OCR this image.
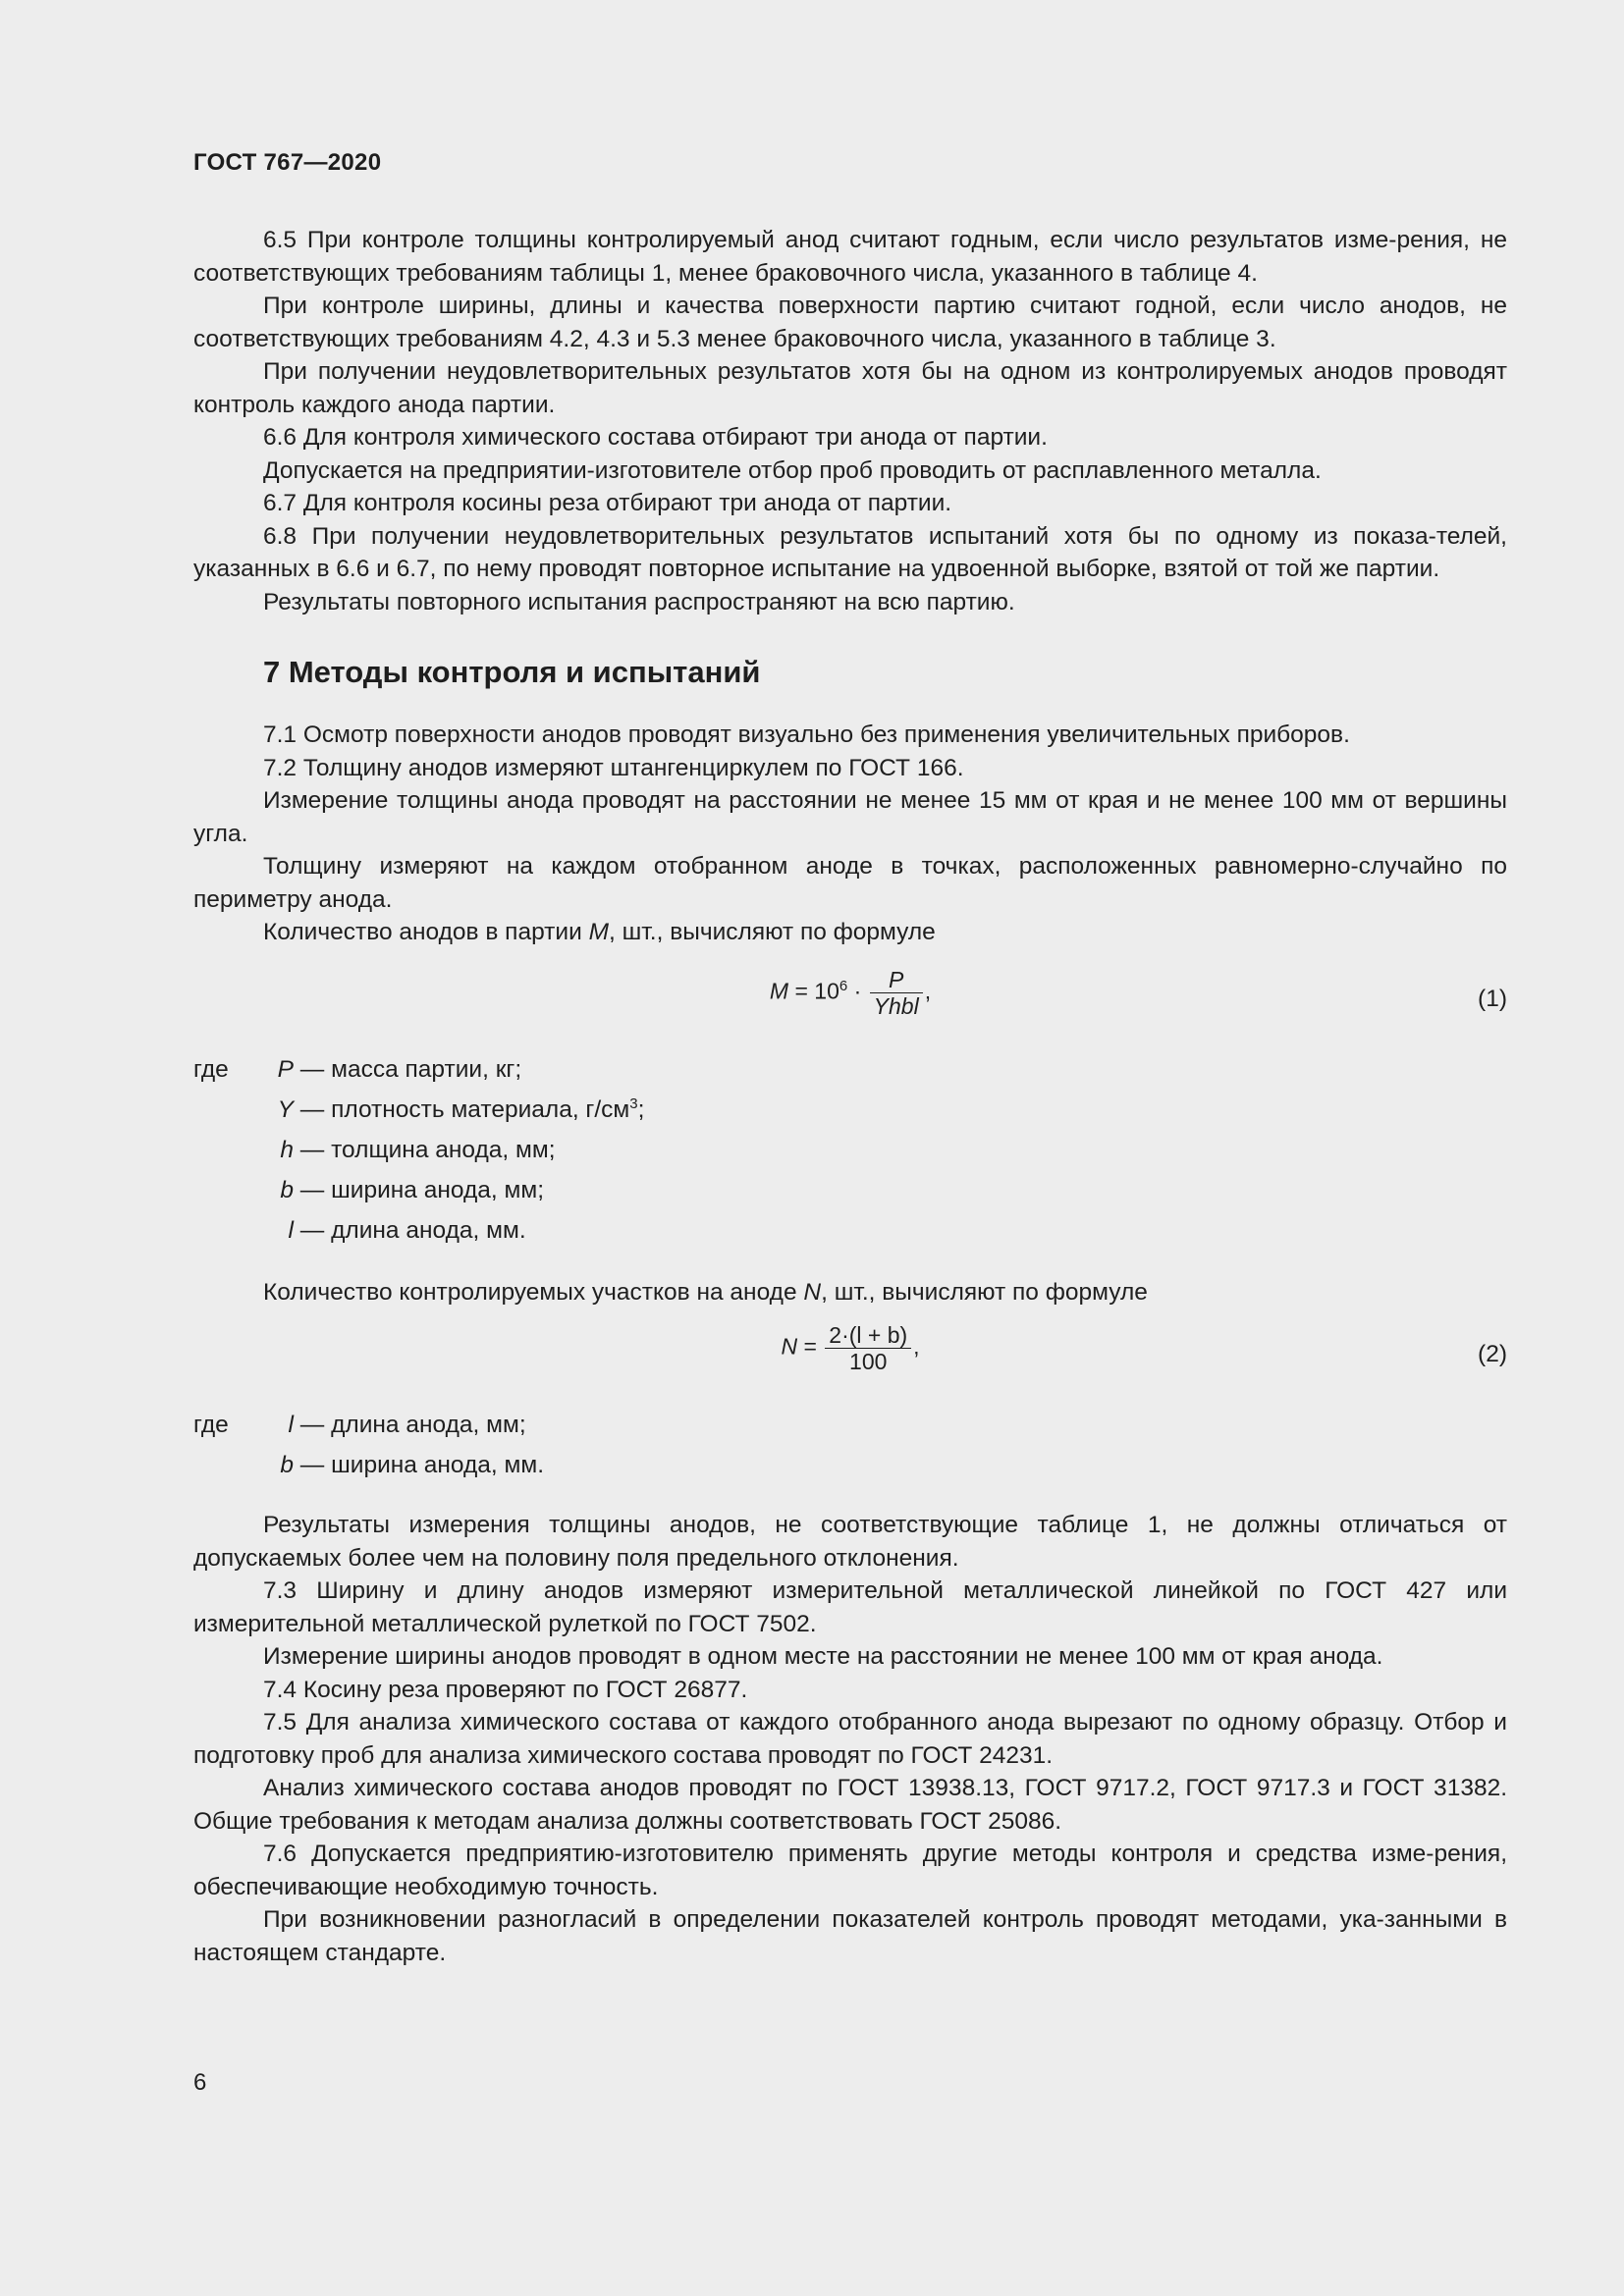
ГОСТ 767—2020

6.5 При контроле толщины контролируемый анод считают годным, если число результатов изме-рения, не соответствующих требованиям таблицы 1, менее браковочного числа, указанного в таблице 4.

При контроле ширины, длины и качества поверхности партию считают годной, если число анодов, не соответствующих требованиям 4.2, 4.3 и 5.3 менее браковочного числа, указанного в таблице 3.

При получении неудовлетворительных результатов хотя бы на одном из контролируемых анодов проводят контроль каждого анода партии.

6.6 Для контроля химического состава отбирают три анода от партии.

Допускается на предприятии-изготовителе отбор проб проводить от расплавленного металла.

6.7 Для контроля косины реза отбирают три анода от партии.

6.8 При получении неудовлетворительных результатов испытаний хотя бы по одному из показа-телей, указанных в 6.6 и 6.7, по нему проводят повторное испытание на удвоенной выборке, взятой от той же партии.

Результаты повторного испытания распространяют на всю партию.

7 Методы контроля и испытаний

7.1 Осмотр поверхности анодов проводят визуально без применения увеличительных приборов.

7.2 Толщину анодов измеряют штангенциркулем по ГОСТ 166.

Измерение толщины анода проводят на расстоянии не менее 15 мм от края и не менее 100 мм от вершины угла.

Толщину измеряют на каждом отобранном аноде в точках, расположенных равномерно-случайно по периметру анода.

Количество анодов в партии M, шт., вычисляют по формуле

$M = 10^6 \cdot \frac{P}{\text{Yhbl}}$ ,	(1)
где P — масса партии, кг;
Y — плотность материала, $г/см^3$;
h — толщина анода, мм;
b — ширина анода, мм;
l — длина анода, мм.

Количество контролируемых участков на аноде N, шт., вычисляют по формуле

$N = \frac{2\cdot(l + b)}{100}$ ,	(2)
где	l — длина анода, мм;
b — ширина анода, мм.

Результаты измерения толщины анодов, не соответствующие таблице 1, не должны отличаться от допускаемых более чем на половину поля предельного отклонения.

7.3 Ширину и длину анодов измеряют измерительной металлической линейкой по ГОСТ 427 или измерительной металлической рулеткой по ГОСТ 7502.

Измерение ширины анодов проводят в одном месте на расстоянии не менее 100 мм от края анода.

7.4 Косину реза проверяют по ГОСТ 26877.

7.5 Для анализа химического состава от каждого отобранного анода вырезают по одному образцу. Отбор и подготовку проб для анализа химического состава проводят по ГОСТ 24231.

Анализ химического состава анодов проводят по ГОСТ 13938.13, ГОСТ 9717.2, ГОСТ 9717.3 и ГОСТ 31382. Общие требования к методам анализа должны соответствовать ГОСТ 25086.

7.6 Допускается предприятию-изготовителю применять другие методы контроля и средства изме-рения, обеспечивающие необходимую точность.

При возникновении разногласий в определении показателей контроль проводят методами, ука-занными в настоящем стандарте.

6
